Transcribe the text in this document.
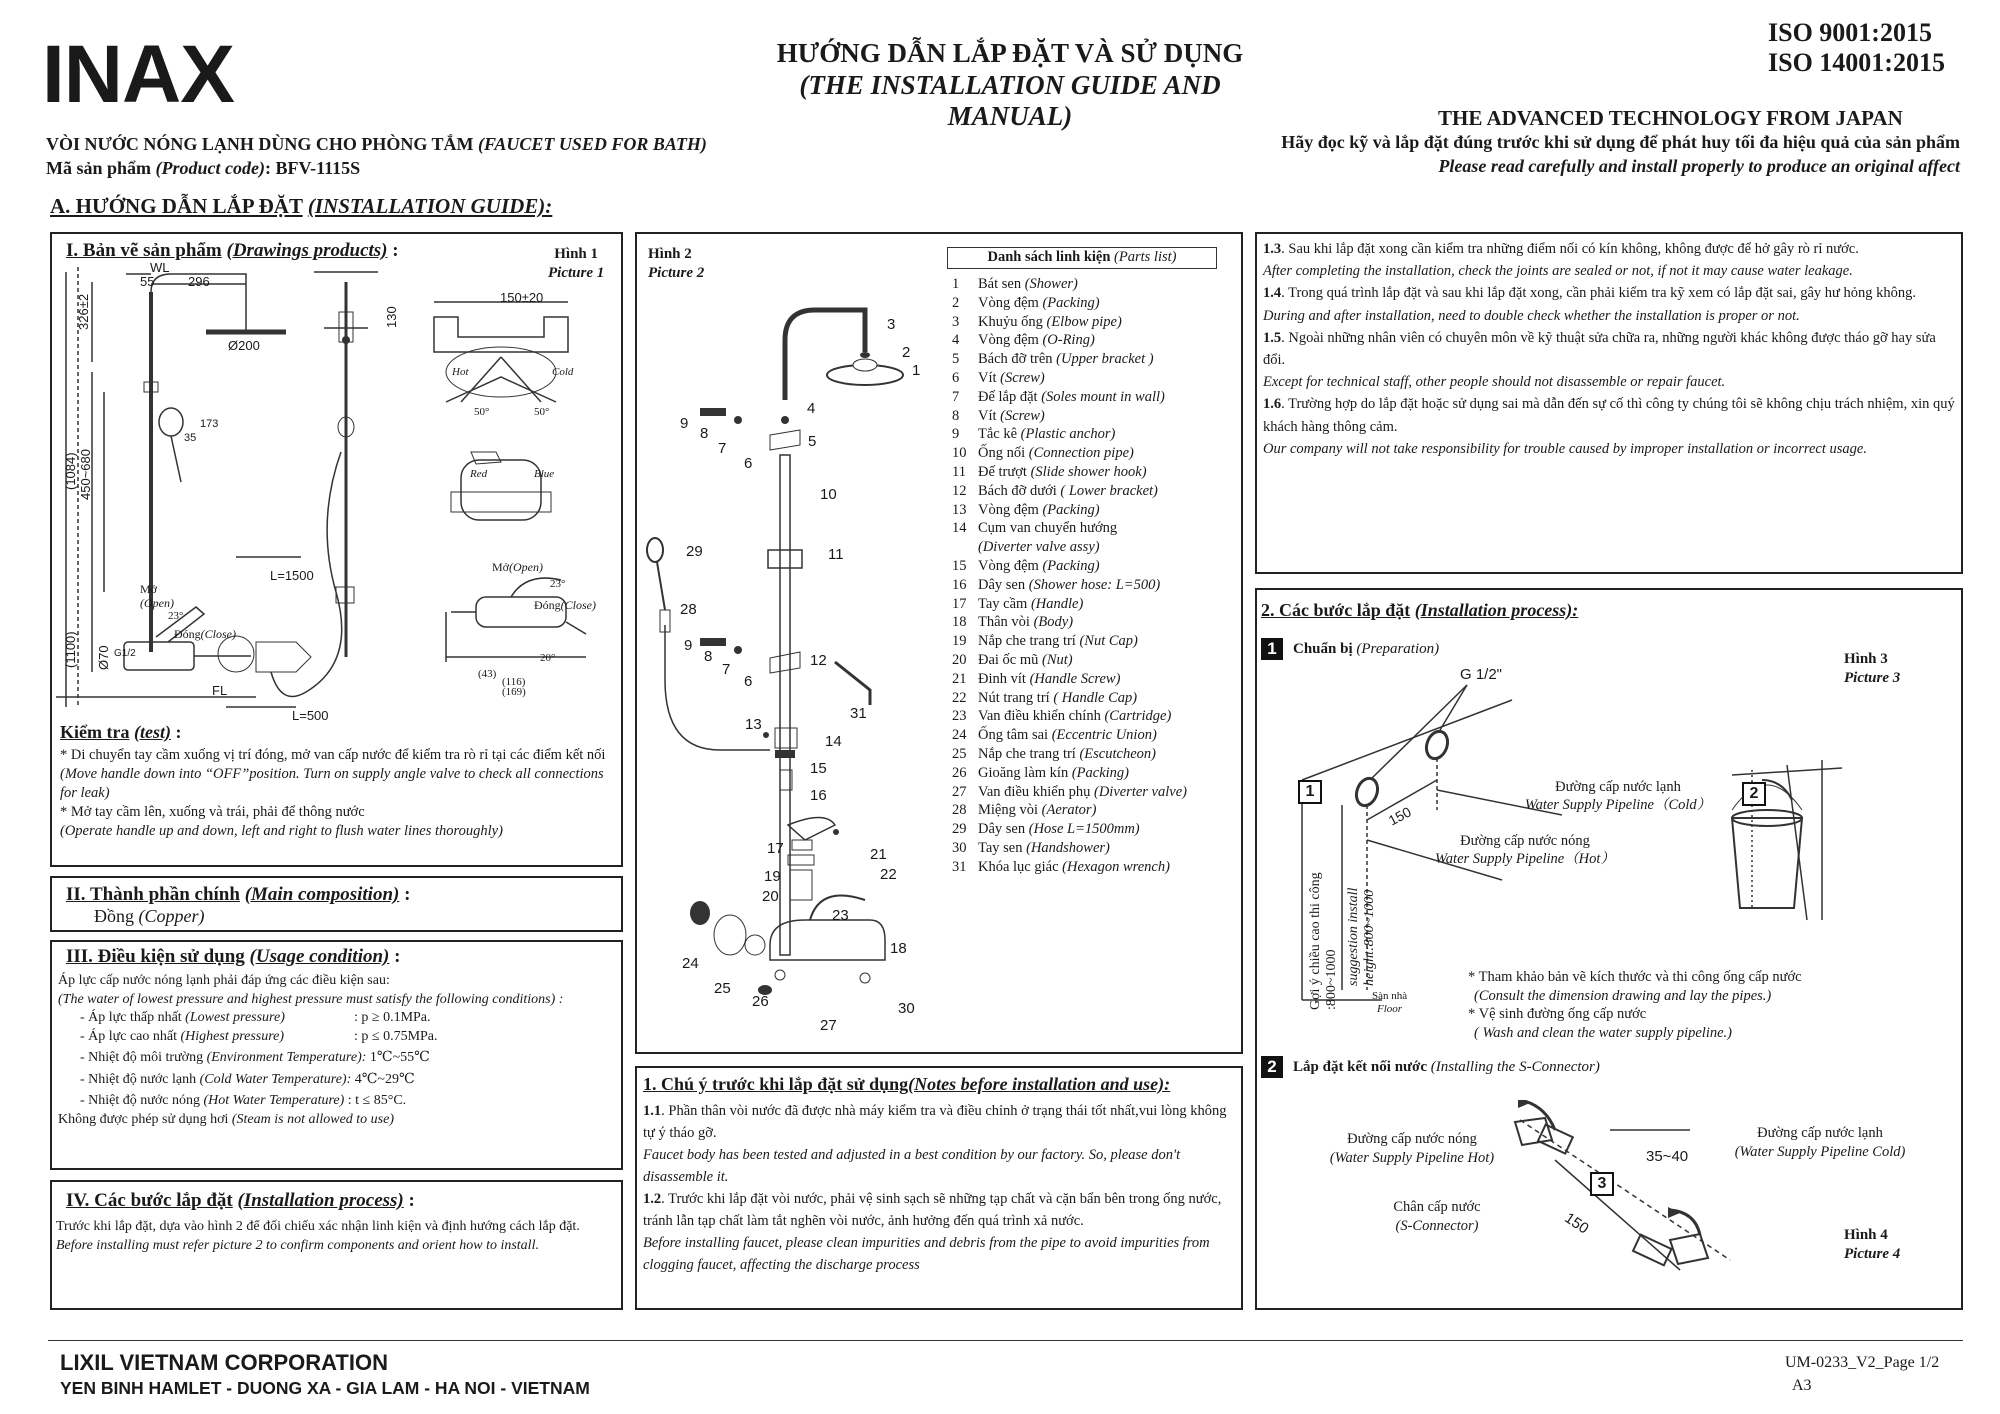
INAX	HƯỚNG DẪN LẮP ĐẶT VÀ SỬ DỤNG
(THE INSTALLATION GUIDE AND MANUAL)
ISO 9001:2015
ISO 14001:2015
THE ADVANCED TECHNOLOGY FROM JAPAN
Hãy đọc kỹ và lắp đặt đúng trước khi sử dụng để phát huy tối đa hiệu quả của sản phẩm
Please read carefully and install properly to produce an original affect
VÒI NƯỚC NÓNG LẠNH DÙNG CHO PHÒNG TẮM (FAUCET USED FOR BATH)
Mã sản phẩm (Product code): BFV-1115S
A. HƯỚNG DẪN LẮP ĐẶT (INSTALLATION GUIDE):
I. Bản vẽ sản phẩm (Drawings products) :	Hình 1
Picture 1
WL
55	296
326±2
Ø200
(1084) 450~680
(1100) Ø70 G1/2
FL
L=1500
L=500
150±20
130
35
173
Hot	Cold
50°	50°
Red	Blue
Mở(Open)
Đóng(Close)
23°
20°
(43)
(116)
(169)
Mở
(Open)
Đóng(Close)
23°
Kiểm tra (test) :
* Di chuyển tay cầm xuống vị trí đóng, mở van cấp nước để kiểm tra rò rỉ tại các điểm kết nối
(Move handle down into “OFF”position. Turn on supply angle valve to check all connections for leak)
* Mở tay cầm lên, xuống và trái, phải để thông nước
(Operate handle up and down, left and right to flush water lines thoroughly)
II. Thành phần chính (Main composition) :
Đồng (Copper)
III. Điều kiện sử dụng (Usage condition) :
Áp lực cấp nước nóng lạnh phải đáp ứng các điều kiện sau:
(The water of lowest pressure and highest pressure must satisfy the following conditions) :
- Áp lực thấp nhất (Lowest pressure)	: p ≥ 0.1MPa.
- Áp lực cao nhất (Highest pressure)	: p ≤ 0.75MPa.
- Nhiệt độ môi trường (Environment Temperature): 1℃~55℃
- Nhiệt độ nước lạnh (Cold Water Temperature): 4℃~29℃
- Nhiệt độ nước nóng (Hot Water Temperature) : t ≤ 85°C.
Không được phép sử dụng hơi (Steam is not allowed to use)
IV. Các bước lắp đặt (Installation process) :
Trước khi lắp đặt, dựa vào hình 2 để đối chiếu xác nhận linh kiện và định hướng cách lắp đặt.
Before installing must refer picture 2 to confirm components and orient how to install.
Hình 2
Picture 2
3
2
1
4
5
9
8
7
6
10
29	11
28
9
8
7
12
6
31
13
14
15
16
17	21
19	22
20
23
18
24
25
26	30
27
Danh sách linh kiện (Parts list)
1	Bát sen (Shower)
2	Vòng đệm (Packing)
3	Khuỷu ống (Elbow pipe)
4	Vòng đệm (O-Ring)
5	Bách đỡ trên (Upper bracket )
6	Vít (Screw)
7	Đế lắp đặt (Soles mount in wall)
8	Vít (Screw)
9	Tắc kê (Plastic anchor)
10 Ống nối (Connection pipe)
11 Đế trượt (Slide shower hook)
12 Bách đỡ dưới ( Lower bracket)
13 Vòng đệm (Packing)
14 Cụm van chuyển hướng
(Diverter valve assy)
15 Vòng đệm (Packing)
16 Dây sen (Shower hose: L=500)
17 Tay cầm (Handle)
18 Thân vòi (Body)
19 Nắp che trang trí (Nut Cap)
20 Đai ốc mũ (Nut)
21 Đinh vít (Handle Screw)
22 Nút trang trí ( Handle Cap)
23 Van điều khiển chính (Cartridge)
24 Ống tâm sai (Eccentric Union)
25 Nắp che trang trí (Escutcheon)
26 Gioăng làm kín (Packing)
27 Van điều khiển phụ (Diverter valve)
28 Miệng vòi (Aerator)
29 Dây sen (Hose L=1500mm)
30 Tay sen (Handshower)
31 Khóa lục giác (Hexagon wrench)
1. Chú ý trước khi lắp đặt sử dụng(Notes before installation and use):
1.1. Phần thân vòi nước đã được nhà máy kiểm tra và điều chỉnh ở trạng thái tốt nhất,vui lòng không tự ý tháo gỡ.
Faucet body has been tested and adjusted in a best condition by our factory. So, please don't disassemble it.
1.2. Trước khi lắp đặt vòi nước, phải vệ sinh sạch sẽ những tạp chất và cặn bẩn bên trong ống nước, tránh lẫn tạp chất làm tắt nghẽn vòi nước, ảnh hưởng đến quá trình xả nước.
Before installing faucet, please clean impurities and debris from the pipe to avoid impurities from clogging faucet, affecting the discharge process
1.3. Sau khi lắp đặt xong cần kiểm tra những điểm nối có kín không, không được để hở gây rò rỉ nước.
After completing the installation, check the joints are sealed or not, if not it may cause water leakage.
1.4. Trong quá trình lắp đặt và sau khi lắp đặt xong, cần phải kiểm tra kỹ xem có lắp đặt sai, gây hư hỏng không.
During and after installation, need to double check whether the installation is proper or not.
1.5. Ngoài những nhân viên có chuyên môn về kỹ thuật sửa chữa ra, những người khác không được tháo gỡ hay sửa đổi.
Except for technical staff, other people should not disassemble or repair faucet.
1.6. Trường hợp do lắp đặt hoặc sử dụng sai mà dẫn đến sự cố thì công ty chúng tôi sẽ không chịu trách nhiệm, xin quý khách hàng thông cảm.
Our company will not take responsibility for trouble caused by improper installation or incorrect usage.
2. Các bước lắp đặt (Installation process):
1	Chuẩn bị (Preparation)
Hình 3
Picture 3
G 1/2"
1	2
Đường cấp nước lạnh
Water Supply Pipeline（Cold）
Đường cấp nước nóng
Water Supply Pipeline（Hot）
150
Gợi ý chiều cao thi công :800~1000 suggestion install height:800~1000
Sàn nhà
Floor
* Tham khảo bản vẽ kích thước và thi công ống cấp nước
(Consult the dimension drawing and lay the pipes.)
* Vệ sinh đường ống cấp nước
( Wash and clean the water supply pipeline.)
2	Lắp đặt kết nối nước (Installing the S-Connector)
Đường cấp nước nóng
(Water Supply Pipeline Hot)
Đường cấp nước lạnh
(Water Supply Pipeline Cold)
Chân cấp nước
(S-Connector)
35~40
150
3
Hình 4
Picture 4
LIXIL VIETNAM CORPORATION
YEN BINH HAMLET - DUONG XA - GIA LAM - HA NOI - VIETNAM
UM-0233_V2_Page 1/2
A3
